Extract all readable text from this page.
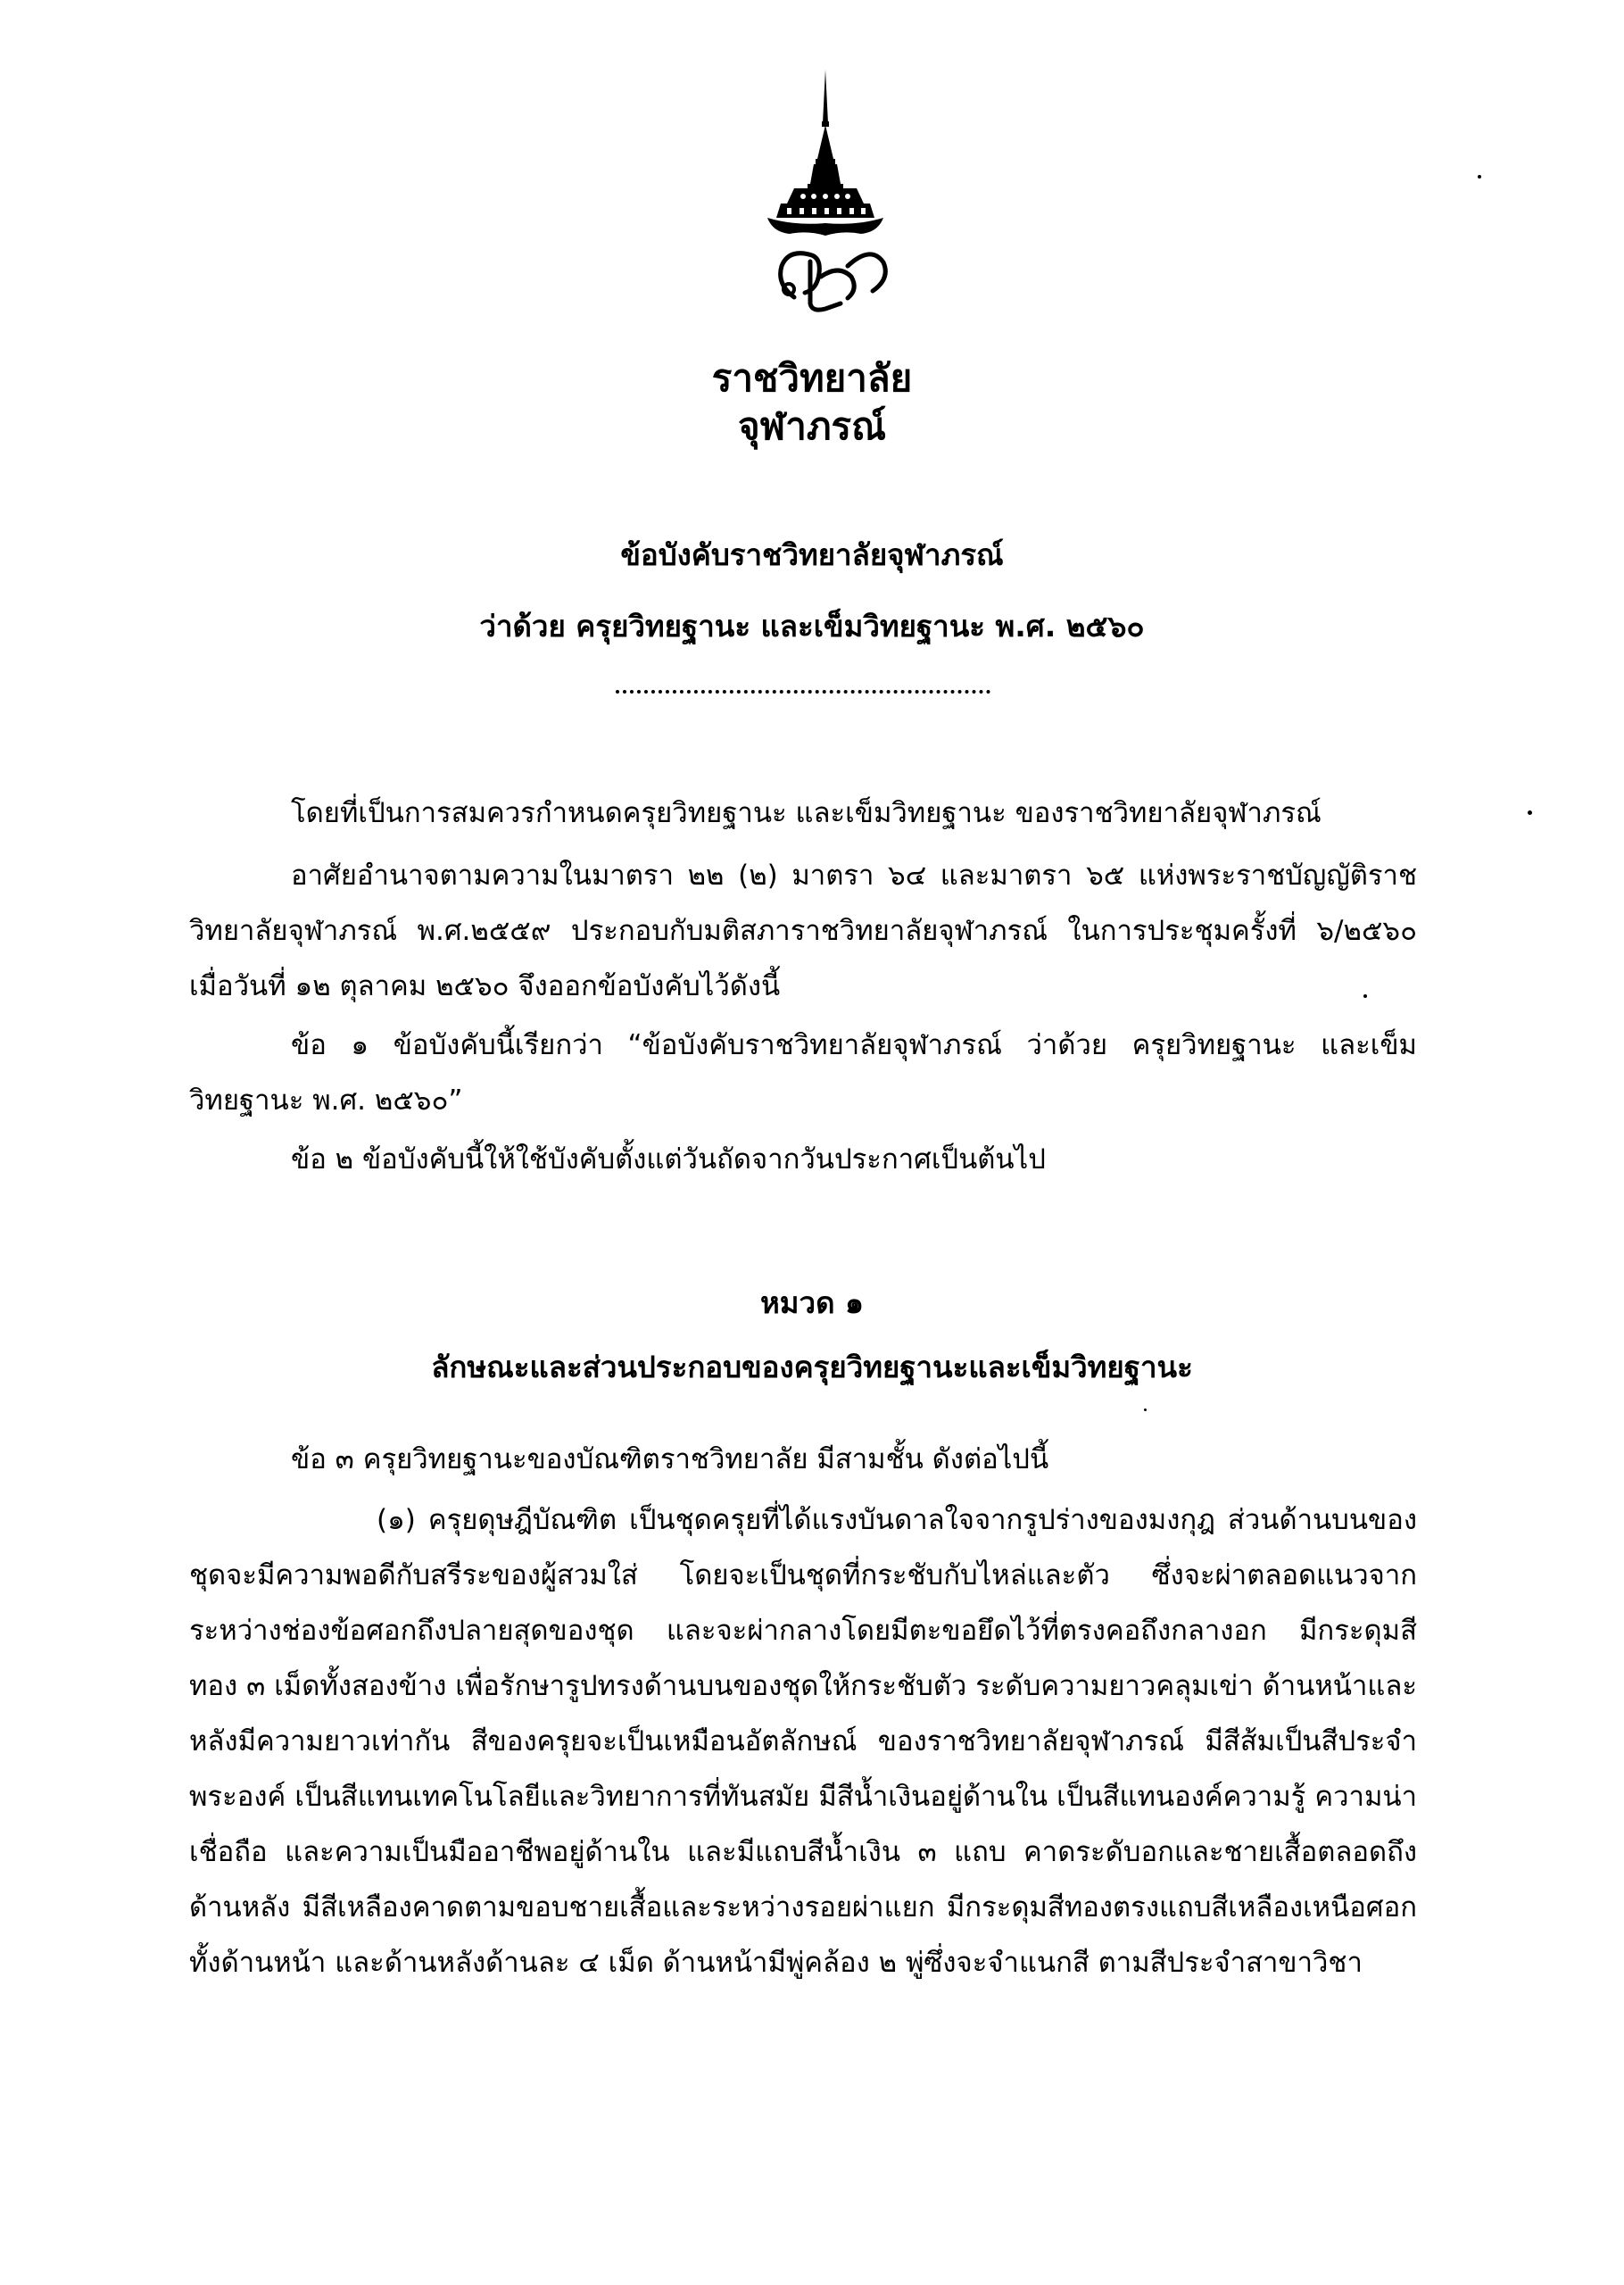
ราชวิทยาลัย
จุฬาภรณ์
ข้อบังคับราชวิทยาลัยจุฬาภรณ์
ว่าด้วย ครุยวิทยฐานะ และเข็มวิทยฐานะ พ.ศ. ๒๕๖๐
โดยที่เป็นการสมควรกำหนดครุยวิทยฐานะ และเข็มวิทยฐานะ ของราชวิทยาลัยจุฬาภรณ์
อาศัยอำนาจตามความในมาตรา ๒๒ (๒) มาตรา ๖๔ และมาตรา ๖๕ แห่งพระราชบัญญัติราชวิทยาลัยจุฬาภรณ์ พ.ศ.๒๕๕๙ ประกอบกับมติสภาราชวิทยาลัยจุฬาภรณ์ ในการประชุมครั้งที่ ๖/๒๕๖๐ เมื่อวันที่ ๑๒ ตุลาคม ๒๕๖๐ จึงออกข้อบังคับไว้ดังนี้
ข้อ ๑ ข้อบังคับนี้เรียกว่า “ข้อบังคับราชวิทยาลัยจุฬาภรณ์ ว่าด้วย ครุยวิทยฐานะ และเข็มวิทยฐานะ พ.ศ. ๒๕๖๐”
ข้อ ๒ ข้อบังคับนี้ให้ใช้บังคับตั้งแต่วันถัดจากวันประกาศเป็นต้นไป
หมวด ๑
ลักษณะและส่วนประกอบของครุยวิทยฐานะและเข็มวิทยฐานะ
ข้อ ๓ ครุยวิทยฐานะของบัณฑิตราชวิทยาลัย มีสามชั้น ดังต่อไปนี้
(๑) ครุยดุษฎีบัณฑิต เป็นชุดครุยที่ได้แรงบันดาลใจจากรูปร่างของมงกุฎ ส่วนด้านบนของชุดจะมีความพอดีกับสรีระของผู้สวมใส่ โดยจะเป็นชุดที่กระชับกับไหล่และตัว ซึ่งจะผ่าตลอดแนวจากระหว่างช่องข้อศอกถึงปลายสุดของชุด และจะผ่ากลางโดยมีตะขอยึดไว้ที่ตรงคอถึงกลางอก มีกระดุมสีทอง ๓ เม็ดทั้งสองข้าง เพื่อรักษารูปทรงด้านบนของชุดให้กระชับตัว ระดับความยาวคลุมเข่า ด้านหน้าและหลังมีความยาวเท่ากัน สีของครุยจะเป็นเหมือนอัตลักษณ์ ของราชวิทยาลัยจุฬาภรณ์ มีสีส้มเป็นสีประจำพระองค์ เป็นสีแทนเทคโนโลยีและวิทยาการที่ทันสมัย มีสีน้ำเงินอยู่ด้านใน เป็นสีแทนองค์ความรู้ ความน่าเชื่อถือ และความเป็นมืออาชีพอยู่ด้านใน และมีแถบสีน้ำเงิน ๓ แถบ คาดระดับอกและชายเสื้อตลอดถึงด้านหลัง มีสีเหลืองคาดตามขอบชายเสื้อและระหว่างรอยผ่าแยก มีกระดุมสีทองตรงแถบสีเหลืองเหนือศอกทั้งด้านหน้า และด้านหลังด้านละ ๔ เม็ด ด้านหน้ามีพู่คล้อง ๒ พู่ซึ่งจะจำแนกสี ตามสีประจำสาขาวิชา
